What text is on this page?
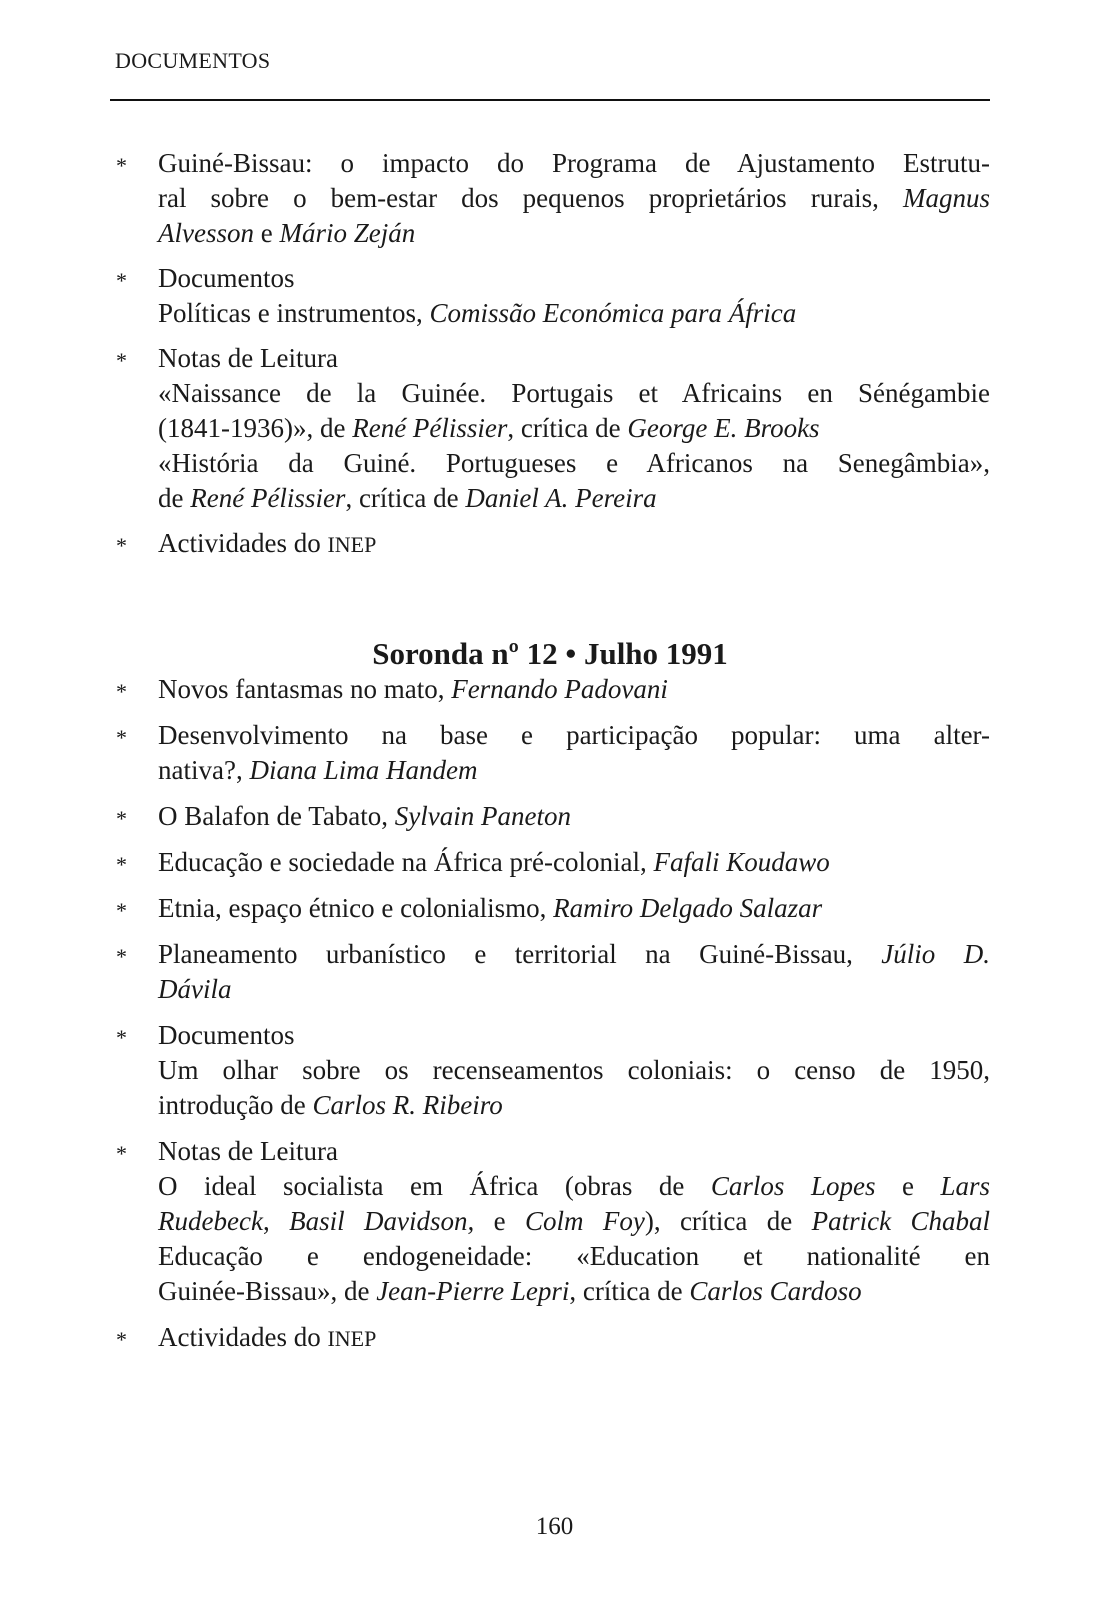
DOCUMENTOS
* Guiné-Bissau: o impacto do Programa de Ajustamento Estrutu-
ral sobre o bem-estar dos pequenos proprietários rurais, Magnus
Alvesson e Mário Zeján
* Documentos
Políticas e instrumentos, Comissão Económica para África
* Notas de Leitura
«Naissance de la Guinée. Portugais et Africains en Sénégambie
(1841-1936)», de René Pélissier, crítica de George E. Brooks
«História da Guiné. Portugueses e Africanos na Senegâmbia»,
de René Pélissier, crítica de Daniel A. Pereira
* Actividades do INEP
Soronda nº 12 • Julho 1991
* Novos fantasmas no mato, Fernando Padovani
* Desenvolvimento na base e participação popular: uma alter-
nativa?, Diana Lima Handem
* O Balafon de Tabato, Sylvain Paneton
* Educação e sociedade na África pré-colonial, Fafali Koudawo
* Etnia, espaço étnico e colonialismo, Ramiro Delgado Salazar
* Planeamento urbanístico e territorial na Guiné-Bissau, Júlio D.
Dávila
* Documentos
Um olhar sobre os recenseamentos coloniais: o censo de 1950,
introdução de Carlos R. Ribeiro
* Notas de Leitura
O ideal socialista em África (obras de Carlos Lopes e Lars
Rudebeck, Basil Davidson, e Colm Foy), crítica de Patrick Chabal
Educação e endogeneidade: «Education et nationalité en
Guinée-Bissau», de Jean-Pierre Lepri, crítica de Carlos Cardoso
* Actividades do INEP
160
